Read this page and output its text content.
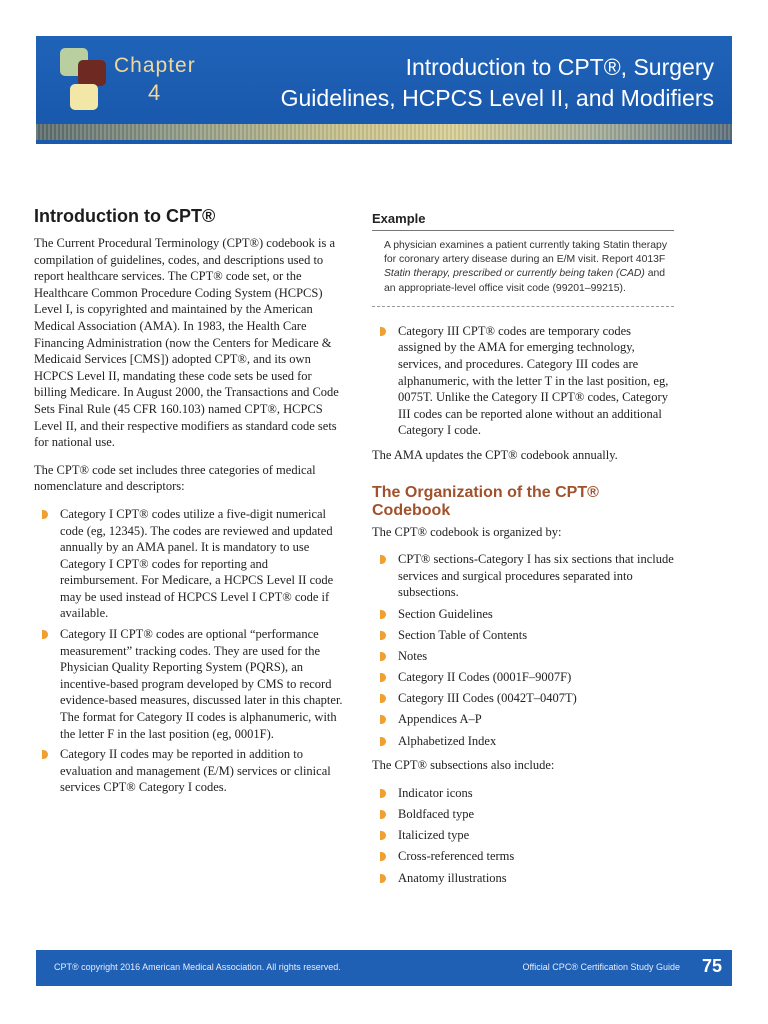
Chapter
4
Introduction to CPT®, Surgery
Guidelines, HCPCS Level II, and Modifiers
Introduction to CPT®

The Current Procedural Terminology (CPT®) codebook is a compilation of guidelines, codes, and descriptions used to report healthcare services. The CPT® code set, or the Healthcare Common Procedure Coding System (HCPCS) Level I, is copyrighted and maintained by the American Medical Association (AMA). In 1983, the Health Care Financing Administration (now the Centers for Medicare & Medicaid Services [CMS]) adopted CPT®, and its own HCPCS Level II, mandating these code sets be used for billing Medicare. In August 2000, the Transactions and Code Sets Final Rule (45 CFR 160.103) named CPT®, HCPCS Level II, and their respective modifiers as standard code sets for national use.

The CPT® code set includes three categories of medical nomenclature and descriptors:

Category I CPT® codes utilize a five-digit numerical code (eg, 12345). The codes are reviewed and updated annually by an AMA panel. It is mandatory to use Category I CPT® codes for reporting and reimbursement. For Medicare, a HCPCS Level II code may be used instead of HCPCS Level I CPT® code if available.
Category II CPT® codes are optional “performance measurement” tracking codes. They are used for the Physician Quality Reporting System (PQRS), an incentive-based program developed by CMS to record evidence-based measures, discussed later in this chapter. The format for Category II codes is alphanumeric, with the letter F in the last position (eg, 0001F).
Category II codes may be reported in addition to evaluation and management (E/M) services or clinical services CPT® Category I codes.
Example
A physician examines a patient currently taking Statin therapy for coronary artery disease during an E/M visit. Report 4013F Statin therapy, prescribed or currently being taken (CAD) and an appropriate-level office visit code (99201–99215).
Category III CPT® codes are temporary codes assigned by the AMA for emerging technology, services, and procedures. Category III codes are alphanumeric, with the letter T in the last position, eg, 0075T. Unlike the Category II CPT® codes, Category III codes can be reported alone without an additional Category I code.

The AMA updates the CPT® codebook annually.

The Organization of the CPT® Codebook

The CPT® codebook is organized by:

CPT® sections-Category I has six sections that include services and surgical procedures separated into subsections.
Section Guidelines
Section Table of Contents
Notes
Category II Codes (0001F–9007F)
Category III Codes (0042T–0407T)
Appendices A–P
Alphabetized Index

The CPT® subsections also include:

Indicator icons
Boldfaced type
Italicized type
Cross-referenced terms
Anatomy illustrations
CPT® copyright 2016 American Medical Association. All rights reserved.	Official CPC® Certification Study Guide 75
